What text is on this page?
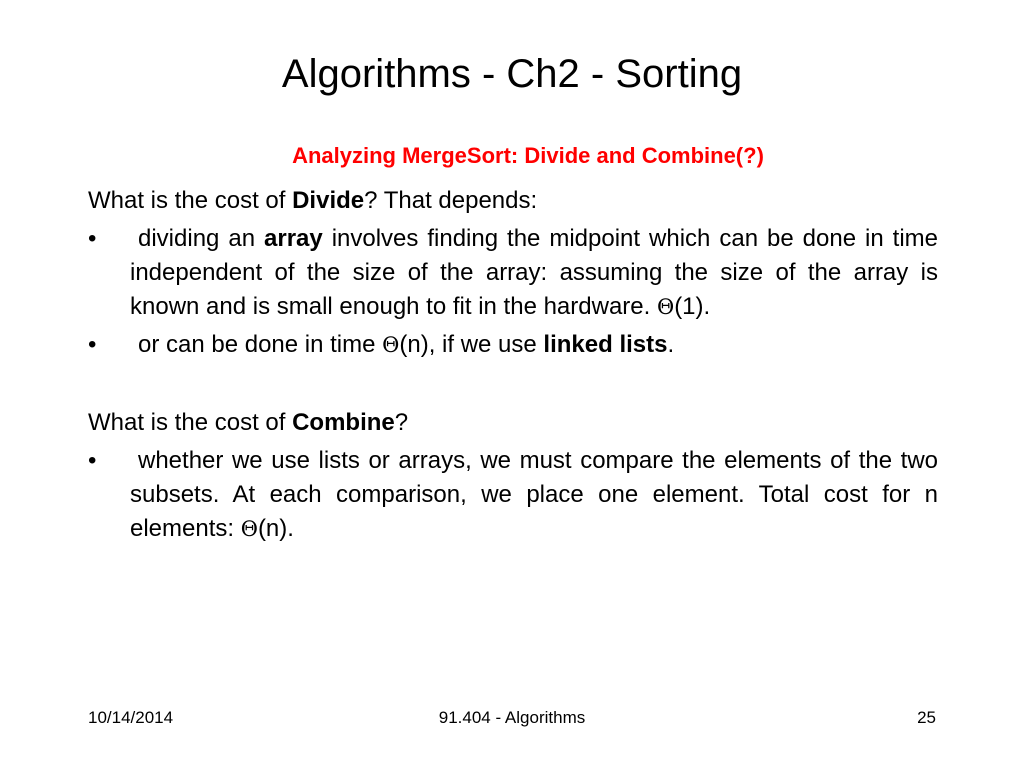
Algorithms - Ch2 - Sorting
Analyzing MergeSort: Divide and Combine(?)
What is the cost of Divide? That depends:
• dividing an array involves finding the midpoint which can be done in time independent of the size of the array: assuming the size of the array is known and is small enough to fit in the hardware. Θ(1).
• or can be done in time Θ(n), if we use linked lists.
What is the cost of Combine?
• whether we use lists or arrays, we must compare the elements of the two subsets. At each comparison, we place one element. Total cost for n elements: Θ(n).
10/14/2014	91.404 - Algorithms	25
